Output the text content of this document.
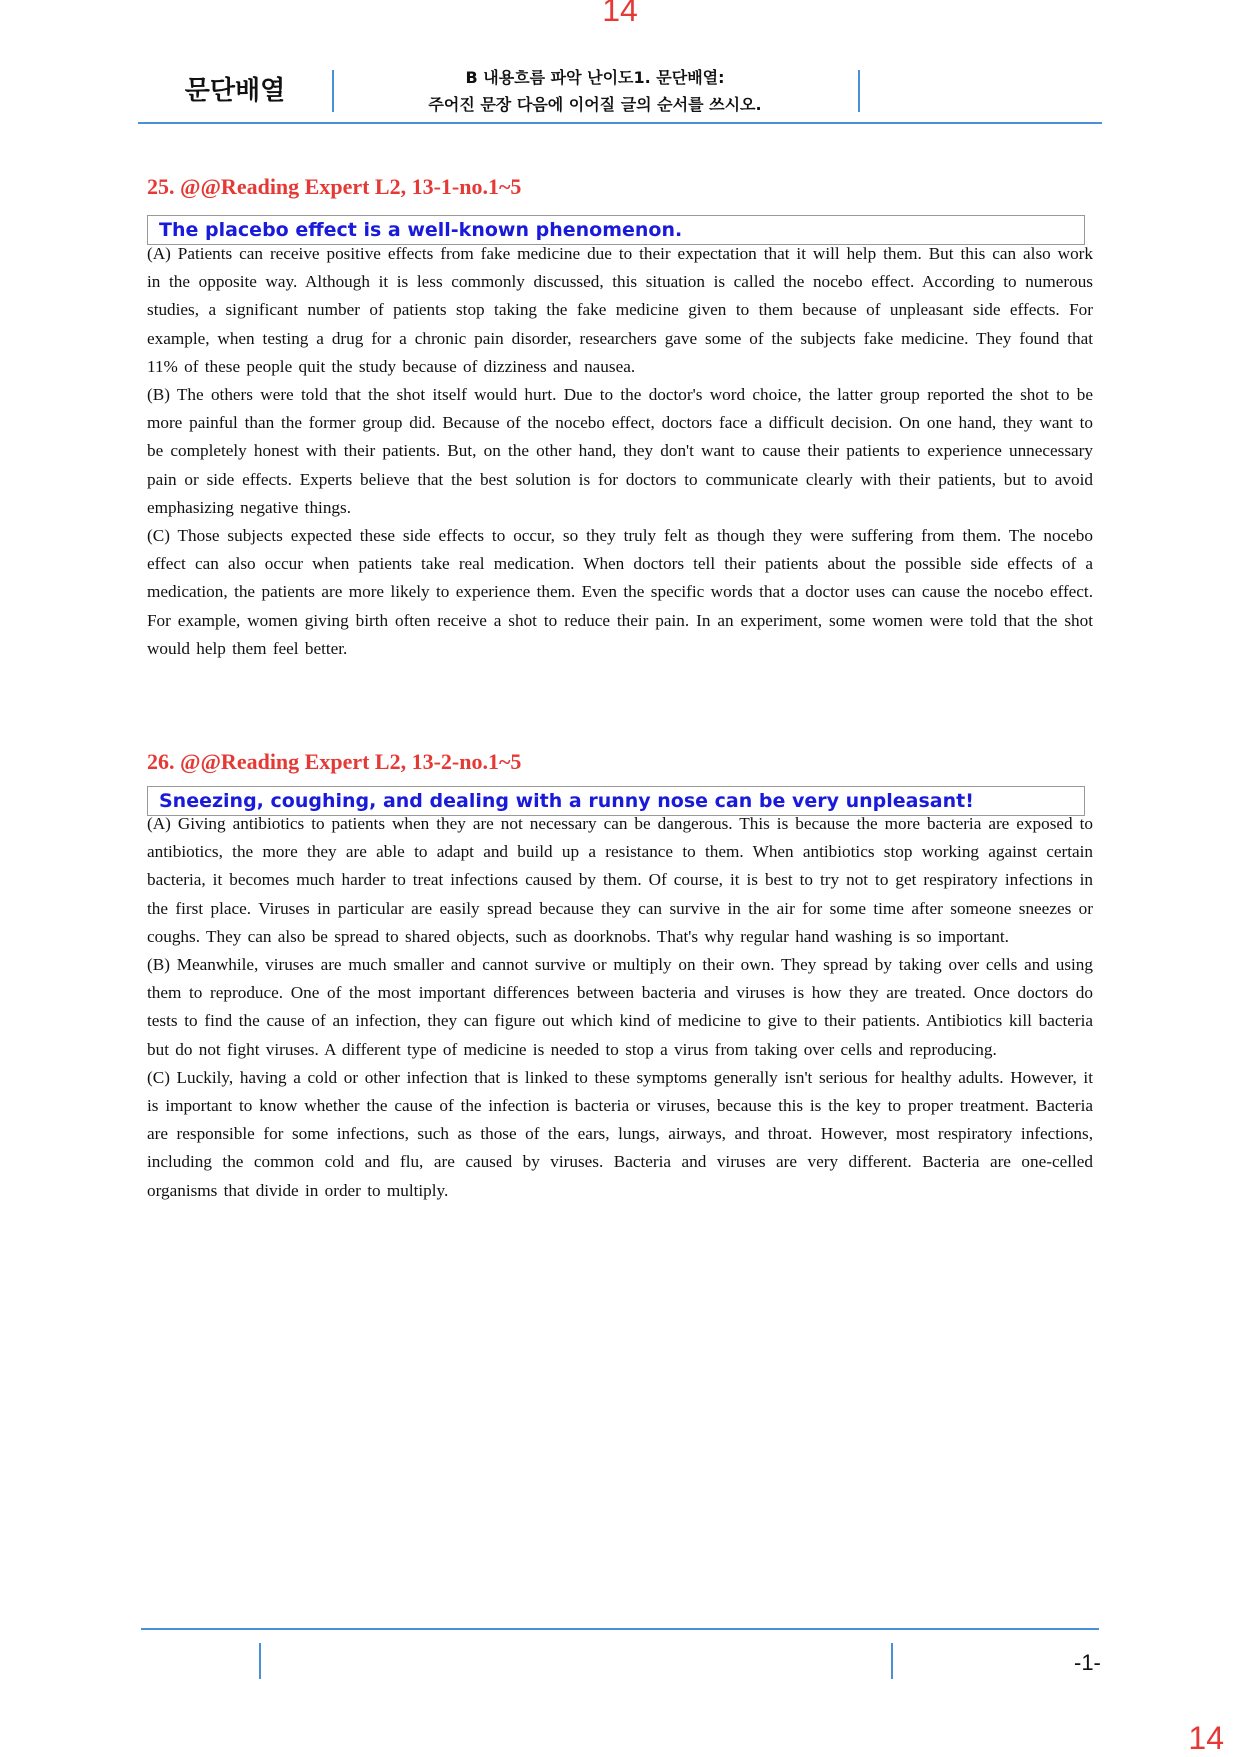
14
문단배열	B 내용흐름 파악 난이도1. 문단배열:
주어진 문장 다음에 이어질 글의 순서를 쓰시오.
25. @@Reading Expert L2, 13-1-no.1~5
The placebo effect is a well-known phenomenon.

(A) Patients can receive positive effects from fake medicine due to their expectation that it will help them. But this can also work in the opposite way. Although it is less commonly discussed, this situation is called the nocebo effect. According to numerous studies, a significant number of patients stop taking the fake medicine given to them because of unpleasant side effects. For example, when testing a drug for a chronic pain disorder, researchers gave some of the subjects fake medicine. They found that 11% of these people quit the study because of dizziness and nausea.

(B) The others were told that the shot itself would hurt. Due to the doctor's word choice, the latter group reported the shot to be more painful than the former group did. Because of the nocebo effect, doctors face a difficult decision. On one hand, they want to be completely honest with their patients. But, on the other hand, they don't want to cause their patients to experience unnecessary pain or side effects. Experts believe that the best solution is for doctors to communicate clearly with their patients, but to avoid emphasizing negative things.

(C) Those subjects expected these side effects to occur, so they truly felt as though they were suffering from them. The nocebo effect can also occur when patients take real medication. When doctors tell their patients about the possible side effects of a medication, the patients are more likely to experience them. Even the specific words that a doctor uses can cause the nocebo effect. For example, women giving birth often receive a shot to reduce their pain. In an experiment, some women were told that the shot would help them feel better.

26. @@Reading Expert L2, 13-2-no.1~5
Sneezing, coughing, and dealing with a runny nose can be very unpleasant!

(A) Giving antibiotics to patients when they are not necessary can be dangerous. This is because the more bacteria are exposed to antibiotics, the more they are able to adapt and build up a resistance to them. When antibiotics stop working against certain bacteria, it becomes much harder to treat infections caused by them. Of course, it is best to try not to get respiratory infections in the first place. Viruses in particular are easily spread because they can survive in the air for some time after someone sneezes or coughs. They can also be spread to shared objects, such as doorknobs. That's why regular hand washing is so important.

(B) Meanwhile, viruses are much smaller and cannot survive or multiply on their own. They spread by taking over cells and using them to reproduce. One of the most important differences between bacteria and viruses is how they are treated. Once doctors do tests to find the cause of an infection, they can figure out which kind of medicine to give to their patients. Antibiotics kill bacteria but do not fight viruses. A different type of medicine is needed to stop a virus from taking over cells and reproducing.

(C) Luckily, having a cold or other infection that is linked to these symptoms generally isn't serious for healthy adults. However, it is important to know whether the cause of the infection is bacteria or viruses, because this is the key to proper treatment. Bacteria are responsible for some infections, such as those of the ears, lungs, airways, and throat. However, most respiratory infections, including the common cold and flu, are caused by viruses. Bacteria and viruses are very different. Bacteria are one-celled organisms that divide in order to multiply.

-1-
14
